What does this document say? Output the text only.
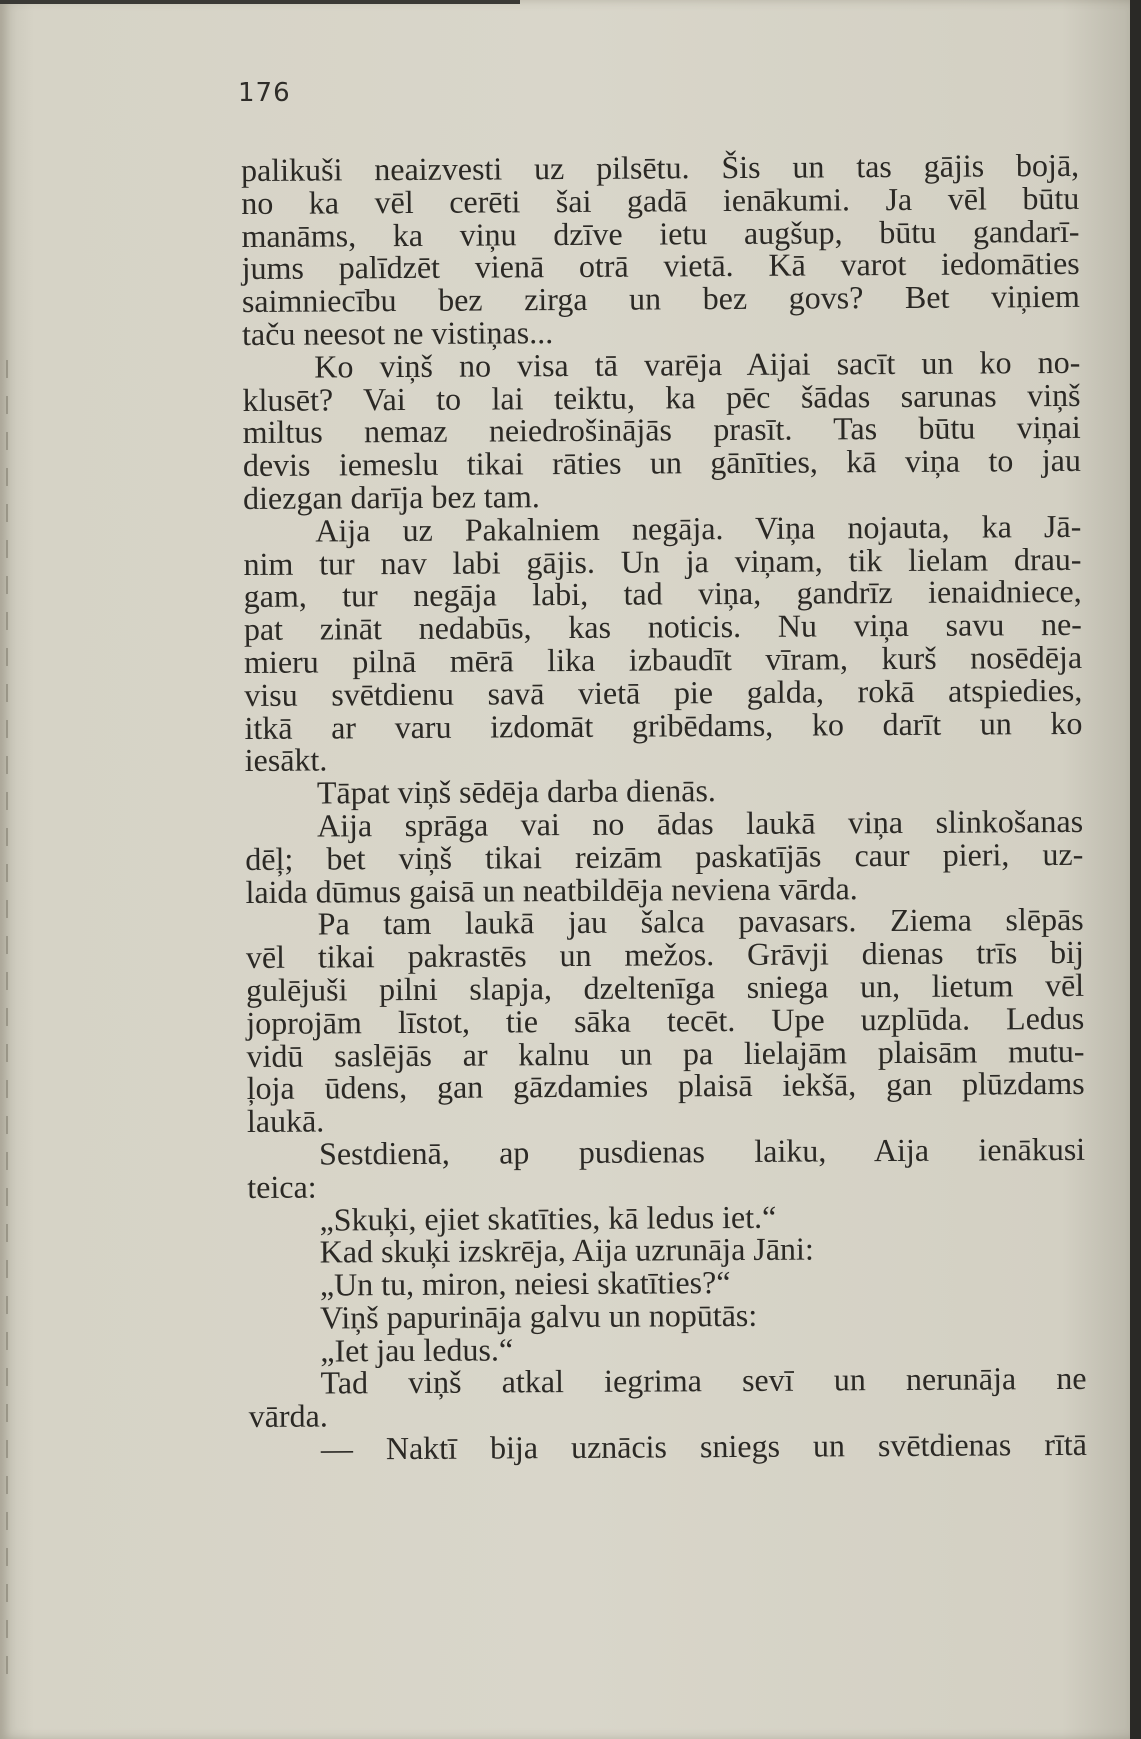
176
palikuši neaizvesti uz pilsētu. Šis un tas gājis bojā,
no ka vēl cerēti šai gadā ienākumi. Ja vēl būtu
manāms, ka viņu dzīve ietu augšup, būtu gandarī-
jums palīdzēt vienā otrā vietā. Kā varot iedomāties
saimniecību bez zirga un bez govs? Bet viņiem
taču neesot ne vistiņas...
Ko viņš no visa tā varēja Aijai sacīt un ko no-
klusēt? Vai to lai teiktu, ka pēc šādas sarunas viņš
miltus nemaz neiedrošinājās prasīt. Tas būtu viņai
devis iemeslu tikai rāties un gānīties, kā viņa to jau
diezgan darīja bez tam.
Aija uz Pakalniem negāja. Viņa nojauta, ka Jā-
nim tur nav labi gājis. Un ja viņam, tik lielam drau-
gam, tur negāja labi, tad viņa, gandrīz ienaidniece,
pat zināt nedabūs, kas noticis. Nu viņa savu ne-
mieru pilnā mērā lika izbaudīt vīram, kurš nosēdēja
visu svētdienu savā vietā pie galda, rokā atspiedies,
itkā ar varu izdomāt gribēdams, ko darīt un ko
iesākt.
Tāpat viņš sēdēja darba dienās.
Aija sprāga vai no ādas laukā viņa slinkošanas
dēļ; bet viņš tikai reizām paskatījās caur pieri, uz-
laida dūmus gaisā un neatbildēja neviena vārda.
Pa tam laukā jau šalca pavasars. Ziema slēpās
vēl tikai pakrastēs un mežos. Grāvji dienas trīs bij
gulējuši pilni slapja, dzeltenīga sniega un, lietum vēl
joprojām līstot, tie sāka tecēt. Upe uzplūda. Ledus
vidū saslējās ar kalnu un pa lielajām plaisām mutu-
ļoja ūdens, gan gāzdamies plaisā iekšā, gan plūzdams
laukā.
Sestdienā, ap pusdienas laiku, Aija ienākusi
teica:
„Skuķi, ejiet skatīties, kā ledus iet.“
Kad skuķi izskrēja, Aija uzrunāja Jāni:
„Un tu, miron, neiesi skatīties?“
Viņš papurināja galvu un nopūtās:
„Iet jau ledus.“
Tad viņš atkal iegrima sevī un nerunāja ne
vārda.
— Naktī bija uznācis sniegs un svētdienas rītā
